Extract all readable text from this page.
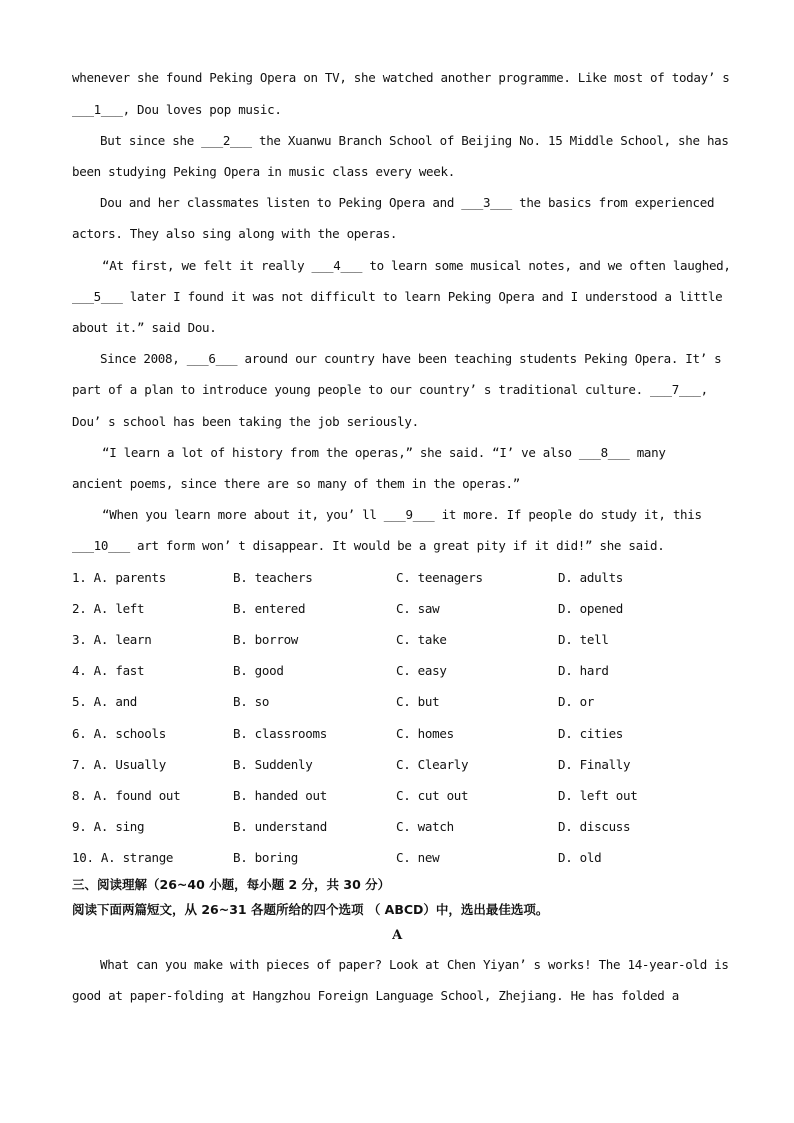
whenever she found Peking Opera on TV, she watched another programme. Like most of today’ s
___1___, Dou loves pop music.
But since she ___2___ the Xuanwu Branch School of Beijing No. 15 Middle School, she has
been studying Peking Opera in music class every week.
Dou and her classmates listen to Peking Opera and ___3___ the basics from experienced
actors. They also sing along with the operas.
“At first, we felt it really ___4___ to learn some musical notes, and we often laughed,
___5___ later I found it was not difficult to learn Peking Opera and I understood a little
about it.” said Dou.
Since 2008, ___6___ around our country have been teaching students Peking Opera. It’ s
part of a plan to introduce young people to our country’ s traditional culture. ___7___,
Dou’ s school has been taking the job seriously.
“I learn a lot of history from the operas,” she said. “I’ ve also ___8___ many
ancient poems, since there are so many of them in the operas.”
“When you learn more about it, you’ ll ___9___ it more. If people do study it, this
___10___ art form won’ t disappear. It would be a great pity if it did!” she said.
1. A. parents	B. teachers	C. teenagers	D. adults
2. A. left	B. entered	C. saw	D. opened
3. A. learn	B. borrow	C. take	D. tell
4. A. fast	B. good	C. easy	D. hard
5. A. and	B. so	C. but	D. or
6. A. schools	B. classrooms	C. homes	D. cities
7. A. Usually	B. Suddenly	C. Clearly	D. Finally
8. A. found out	B. handed out	C. cut out	D. left out
9. A. sing	B. understand	C. watch	D. discuss
10. A. strange	B. boring	C. new	D. old
三、阅读理解（26~40 小题，每小题 2 分，共 30 分）
阅读下面两篇短文，从 26~31 各题所给的四个选项 （ ABCD）中，选出最佳选项。
A
What can you make with pieces of paper? Look at Chen Yiyan’ s works! The 14-year-old is
good at paper-folding at Hangzhou Foreign Language School, Zhejiang. He has folded a
